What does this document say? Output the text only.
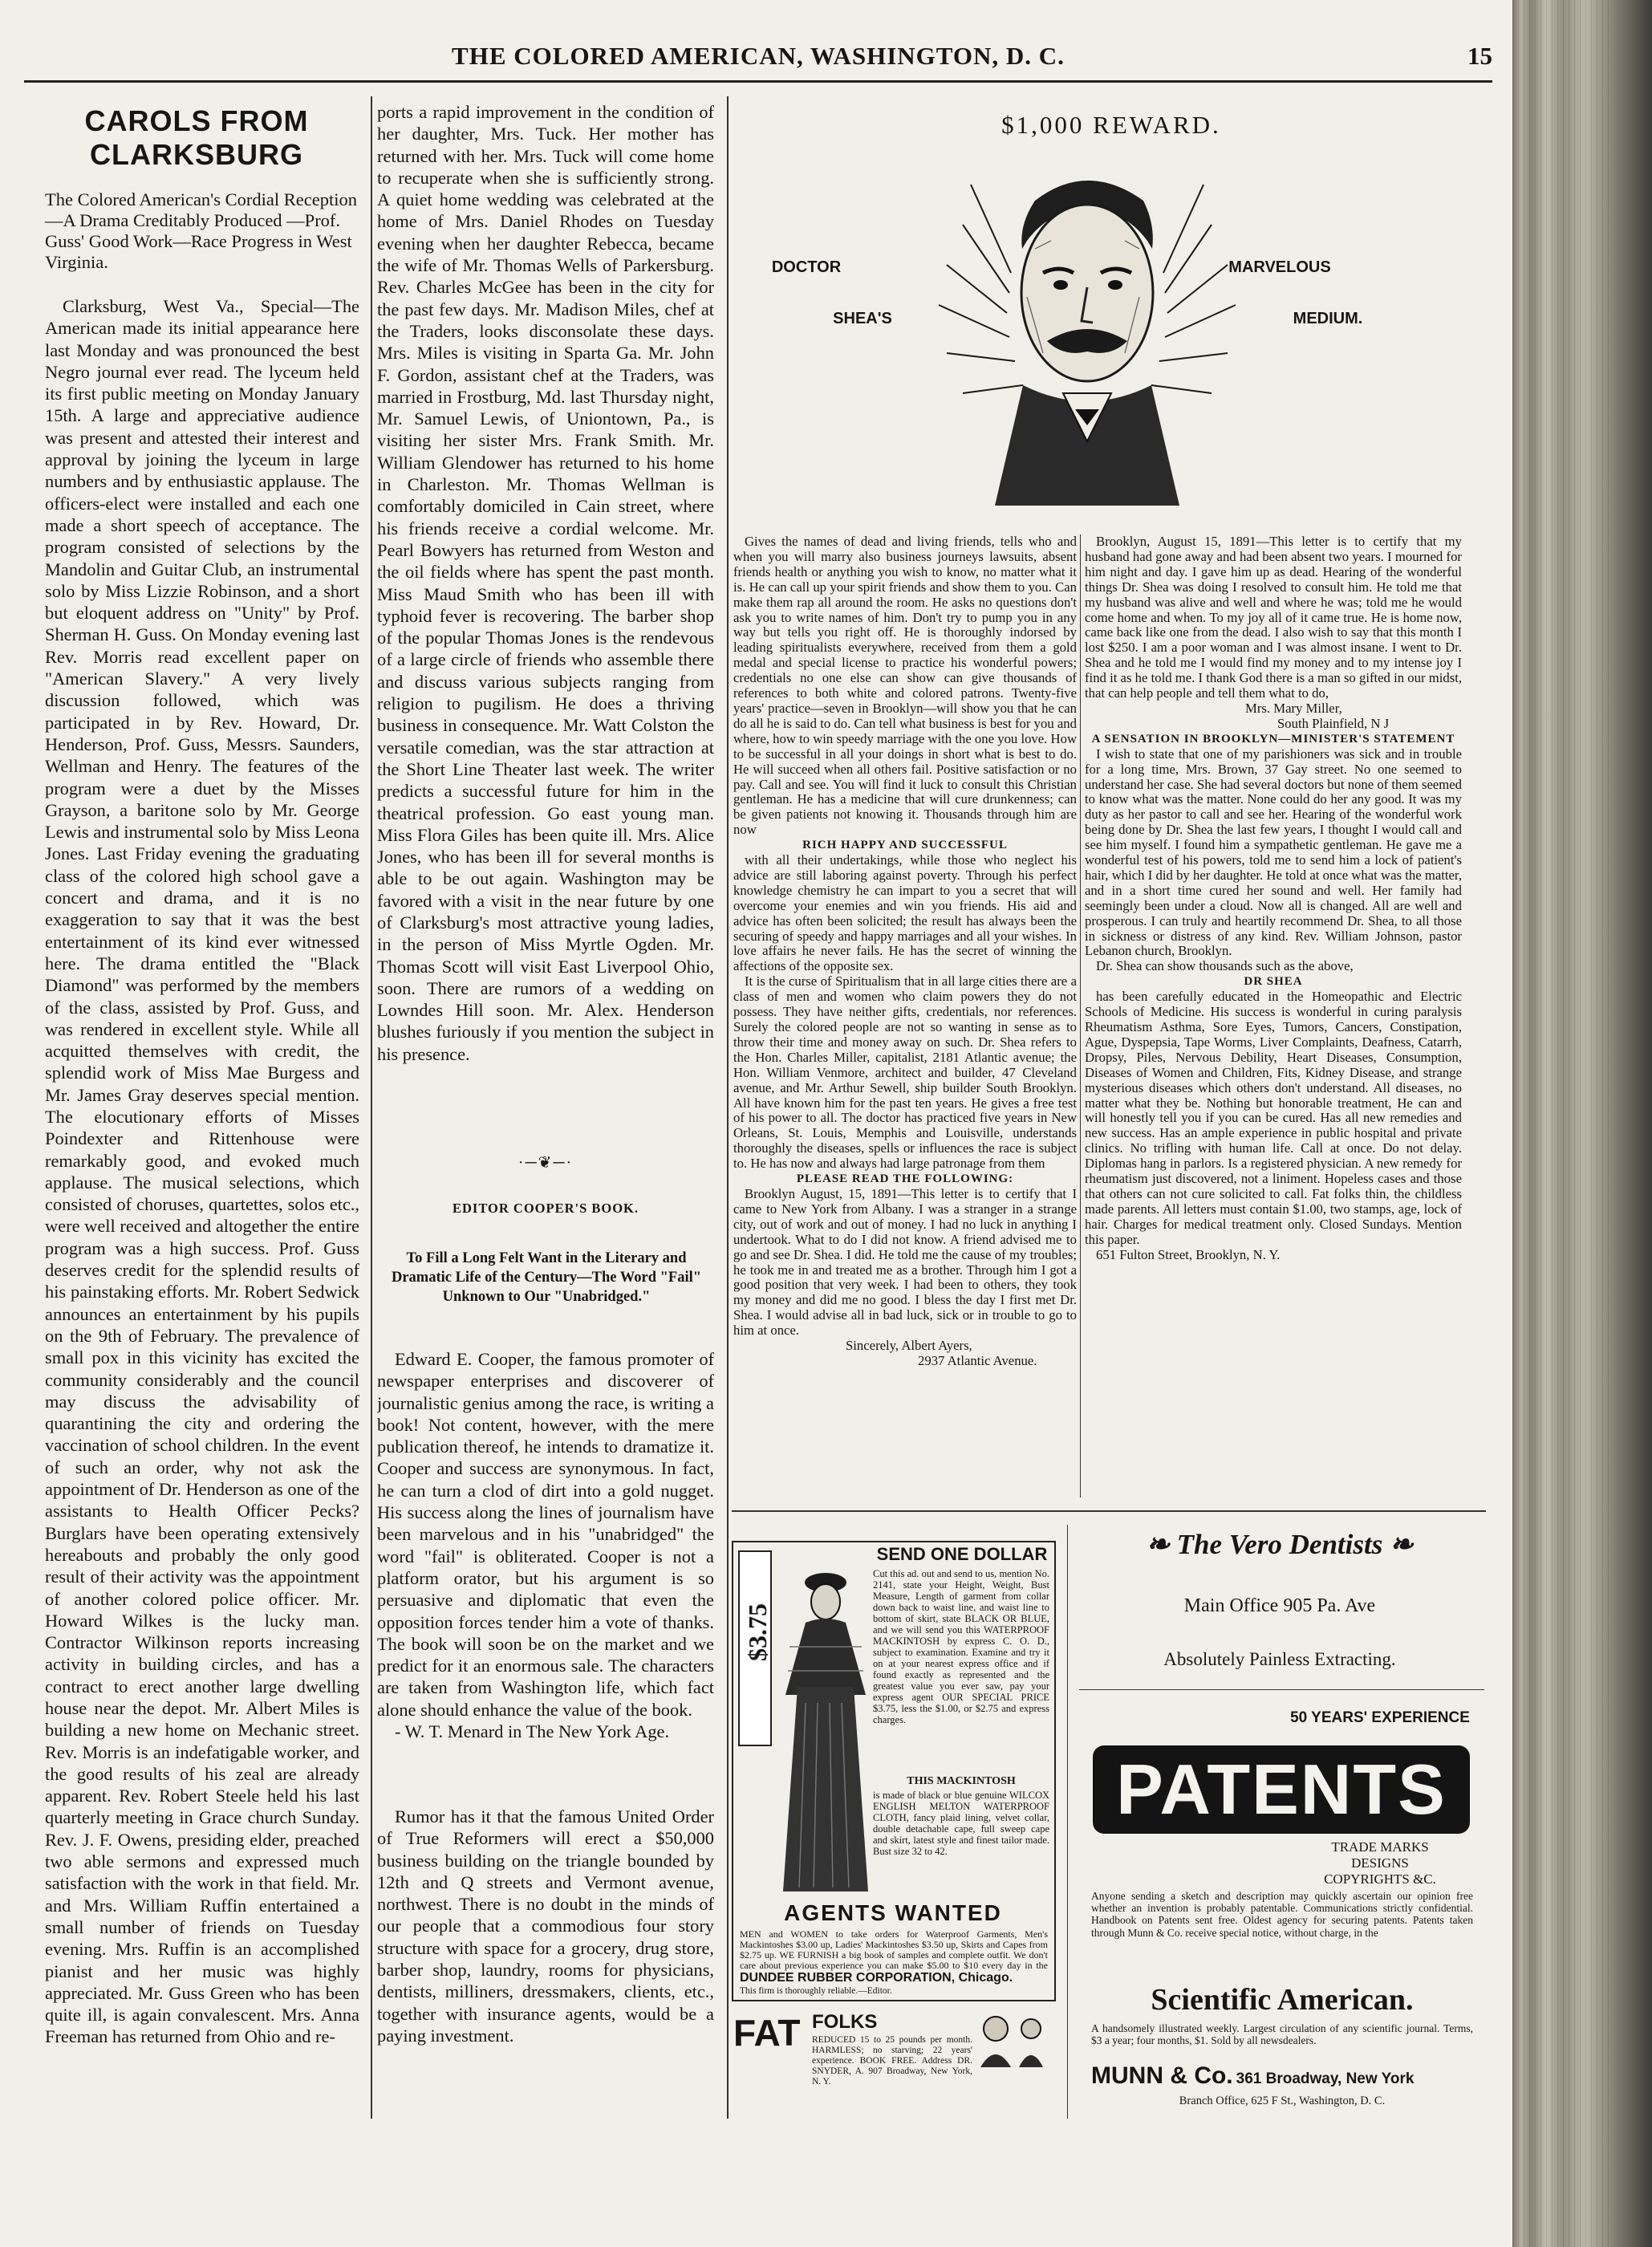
THE COLORED AMERICAN, WASHINGTON, D. C.	15
CAROLS FROM CLARKSBURG
The Colored American's Cordial Reception—A Drama Creditably Produced —Prof. Guss' Good Work—Race Progress in West Virginia.

Clarksburg, West Va., Special—The American made its initial appearance here last Monday and was pronounced the best Negro journal ever read. The lyceum held its first public meeting on Monday January 15th. A large and appreciative audience was present and attested their interest and approval by joining the lyceum in large numbers and by enthusiastic applause. The officers-elect were installed and each one made a short speech of acceptance. The program consisted of selections by the Mandolin and Guitar Club, an instrumental solo by Miss Lizzie Robinson, and a short but eloquent address on "Unity" by Prof. Sherman H. Guss. On Monday evening last Rev. Morris read excellent paper on "American Slavery." A very lively discussion followed, which was participated in by Rev. Howard, Dr. Henderson, Prof. Guss, Messrs. Saunders, Wellman and Henry. The features of the program were a duet by the Misses Grayson, a baritone solo by Mr. George Lewis and instrumental solo by Miss Leona Jones. Last Friday evening the graduating class of the colored high school gave a concert and drama, and it is no exaggeration to say that it was the best entertainment of its kind ever witnessed here. The drama entitled the "Black Diamond" was performed by the members of the class, assisted by Prof. Guss, and was rendered in excellent style. While all acquitted themselves with credit, the splendid work of Miss Mae Burgess and Mr. James Gray deserves special mention. The elocutionary efforts of Misses Poindexter and Rittenhouse were remarkably good, and evoked much applause. The musical selections, which consisted of choruses, quartettes, solos etc., were well received and altogether the entire program was a high success. Prof. Guss deserves credit for the splendid results of his painstaking efforts. Mr. Robert Sedwick announces an entertainment by his pupils on the 9th of February. The prevalence of small pox in this vicinity has excited the community considerably and the council may discuss the advisability of quarantining the city and ordering the vaccination of school children. In the event of such an order, why not ask the appointment of Dr. Henderson as one of the assistants to Health Officer Pecks? Burglars have been operating extensively hereabouts and probably the only good result of their activity was the appointment of another colored police officer. Mr. Howard Wilkes is the lucky man. Contractor Wilkinson reports increasing activity in building circles, and has a contract to erect another large dwelling house near the depot. Mr. Albert Miles is building a new home on Mechanic street. Rev. Morris is an indefatigable worker, and the good results of his zeal are already apparent. Rev. Robert Steele held his last quarterly meeting in Grace church Sunday. Rev. J. F. Owens, presiding elder, preached two able sermons and expressed much satisfaction with the work in that field. Mr. and Mrs. William Ruffin entertained a small number of friends on Tuesday evening. Mrs. Ruffin is an accomplished pianist and her music was highly appreciated. Mr. Guss Green who has been quite ill, is again convalescent. Mrs. Anna Freeman has returned from Ohio and re-

ports a rapid improvement in the condition of her daughter, Mrs. Tuck. Her mother has returned with her. Mrs. Tuck will come home to recuperate when she is sufficiently strong. A quiet home wedding was celebrated at the home of Mrs. Daniel Rhodes on Tuesday evening when her daughter Rebecca, became the wife of Mr. Thomas Wells of Parkersburg. Rev. Charles McGee has been in the city for the past few days. Mr. Madison Miles, chef at the Traders, looks disconsolate these days. Mrs. Miles is visiting in Sparta Ga. Mr. John F. Gordon, assistant chef at the Traders, was married in Frostburg, Md. last Thursday night, Mr. Samuel Lewis, of Uniontown, Pa., is visiting her sister Mrs. Frank Smith. Mr. William Glendower has returned to his home in Charleston. Mr. Thomas Wellman is comfortably domiciled in Cain street, where his friends receive a cordial welcome. Mr. Pearl Bowyers has returned from Weston and the oil fields where has spent the past month. Miss Maud Smith who has been ill with typhoid fever is recovering. The barber shop of the popular Thomas Jones is the rendevous of a large circle of friends who assemble there and discuss various subjects ranging from religion to pugilism. He does a thriving business in consequence. Mr. Watt Colston the versatile comedian, was the star attraction at the Short Line Theater last week. The writer predicts a successful future for him in the theatrical profession. Go east young man. Miss Flora Giles has been quite ill. Mrs. Alice Jones, who has been ill for several months is able to be out again. Washington may be favored with a visit in the near future by one of Clarksburg's most attractive young ladies, in the person of Miss Myrtle Ogden. Mr. Thomas Scott will visit East Liverpool Ohio, soon. There are rumors of a wedding on Lowndes Hill soon. Mr. Alex. Henderson blushes furiously if you mention the subject in his presence.

·─❦─·
EDITOR COOPER'S BOOK.
To Fill a Long Felt Want in the Literary and Dramatic Life of the Century—The Word "Fail" Unknown to Our "Unabridged."

Edward E. Cooper, the famous promoter of newspaper enterprises and discoverer of journalistic genius among the race, is writing a book! Not content, however, with the mere publication thereof, he intends to dramatize it. Cooper and success are synonymous. In fact, he can turn a clod of dirt into a gold nugget. His success along the lines of journalism have been marvelous and in his "unabridged" the word "fail" is obliterated. Cooper is not a platform orator, but his argument is so persuasive and diplomatic that even the opposition forces tender him a vote of thanks. The book will soon be on the market and we predict for it an enormous sale. The characters are taken from Washington life, which fact alone should enhance the value of the book.

- W. T. Menard in The New York Age.

Rumor has it that the famous United Order of True Reformers will erect a $50,000 business building on the triangle bounded by 12th and Q streets and Vermont avenue, northwest. There is no doubt in the minds of our people that a commodious four story structure with space for a grocery, drug store, barber shop, laundry, rooms for physicians, dentists, milliners, dressmakers, clients, etc., together with insurance agents, would be a paying investment.

$1,000 REWARD.
DOCTOR
SHEA'S
MARVELOUS
MEDIUM.

Gives the names of dead and living friends, tells who and when you will marry also business journeys lawsuits, absent friends health or anything you wish to know, no matter what it is. He can call up your spirit friends and show them to you. Can make them rap all around the room. He asks no questions don't ask you to write names of him. Don't try to pump you in any way but tells you right off. He is thoroughly indorsed by leading spiritualists everywhere, received from them a gold medal and special license to practice his wonderful powers; credentials no one else can show can give thousands of references to both white and colored patrons. Twenty-five years' practice—seven in Brooklyn—will show you that he can do all he is said to do. Can tell what business is best for you and where, how to win speedy marriage with the one you love. How to be successful in all your doings in short what is best to do. He will succeed when all others fail. Positive satisfaction or no pay. Call and see. You will find it luck to consult this Christian gentleman. He has a medicine that will cure drunkenness; can be given patients not knowing it. Thousands through him are now

RICH HAPPY AND SUCCESSFUL

with all their undertakings, while those who neglect his advice are still laboring against poverty. Through his perfect knowledge chemistry he can impart to you a secret that will overcome your enemies and win you friends. His aid and advice has often been solicited; the result has always been the securing of speedy and happy marriages and all your wishes. In love affairs he never fails. He has the secret of winning the affections of the opposite sex.

It is the curse of Spiritualism that in all large cities there are a class of men and women who claim powers they do not possess. They have neither gifts, credentials, nor references. Surely the colored people are not so wanting in sense as to throw their time and money away on such. Dr. Shea refers to the Hon. Charles Miller, capitalist, 2181 Atlantic avenue; the Hon. William Venmore, architect and builder, 47 Cleveland avenue, and Mr. Arthur Sewell, ship builder South Brooklyn. All have known him for the past ten years. He gives a free test of his power to all. The doctor has practiced five years in New Orleans, St. Louis, Memphis and Louisville, understands thoroughly the diseases, spells or influences the race is subject to. He has now and always had large patronage from them

PLEASE READ THE FOLLOWING:

Brooklyn August, 15, 1891—This letter is to certify that I came to New York from Albany. I was a stranger in a strange city, out of work and out of money. I had no luck in anything I undertook. What to do I did not know. A friend advised me to go and see Dr. Shea. I did. He told me the cause of my troubles; he took me in and treated me as a brother. Through him I got a good position that very week. I had been to others, they took my money and did me no good. I bless the day I first met Dr. Shea. I would advise all in bad luck, sick or in trouble to go to him at once.

Sincerely, Albert Ayers,

2937 Atlantic Avenue.

Brooklyn, August 15, 1891—This letter is to certify that my husband had gone away and had been absent two years. I mourned for him night and day. I gave him up as dead. Hearing of the wonderful things Dr. Shea was doing I resolved to consult him. He told me that my husband was alive and well and where he was; told me he would come home and when. To my joy all of it came true. He is home now, came back like one from the dead. I also wish to say that this month I lost $250. I am a poor woman and I was almost insane. I went to Dr. Shea and he told me I would find my money and to my intense joy I find it as he told me. I thank God there is a man so gifted in our midst, that can help people and tell them what to do,

Mrs. Mary Miller,

South Plainfield, N J

A SENSATION IN BROOKLYN—MINISTER'S STATEMENT

I wish to state that one of my parishioners was sick and in trouble for a long time, Mrs. Brown, 37 Gay street. No one seemed to understand her case. She had several doctors but none of them seemed to know what was the matter. None could do her any good. It was my duty as her pastor to call and see her. Hearing of the wonderful work being done by Dr. Shea the last few years, I thought I would call and see him myself. I found him a sympathetic gentleman. He gave me a wonderful test of his powers, told me to send him a lock of patient's hair, which I did by her daughter. He told at once what was the matter, and in a short time cured her sound and well. Her family had seemingly been under a cloud. Now all is changed. All are well and prosperous. I can truly and heartily recommend Dr. Shea, to all those in sickness or distress of any kind. Rev. William Johnson, pastor Lebanon church, Brooklyn.

Dr. Shea can show thousands such as the above,

DR SHEA

has been carefully educated in the Homeopathic and Electric Schools of Medicine. His success is wonderful in curing paralysis Rheumatism Asthma, Sore Eyes, Tumors, Cancers, Constipation, Ague, Dyspepsia, Tape Worms, Liver Complaints, Deafness, Catarrh, Dropsy, Piles, Nervous Debility, Heart Diseases, Consumption, Diseases of Women and Children, Fits, Kidney Disease, and strange mysterious diseases which others don't understand. All diseases, no matter what they be. Nothing but honorable treatment, He can and will honestly tell you if you can be cured. Has all new remedies and new success. Has an ample experience in public hospital and private clinics. No trifling with human life. Call at once. Do not delay. Diplomas hang in parlors. Is a registered physician. A new remedy for rheumatism just discovered, not a liniment. Hopeless cases and those that others can not cure solicited to call. Fat folks thin, the childless made parents. All letters must contain $1.00, two stamps, age, lock of hair. Charges for medical treatment only. Closed Sundays. Mention this paper.

651 Fulton Street, Brooklyn, N. Y.

$3.75
SEND ONE DOLLAR
Cut this ad. out and send to us, mention No. 2141, state your Height, Weight, Bust Measure, Length of garment from collar down back to waist line, and waist line to bottom of skirt, state BLACK OR BLUE, and we will send you this WATERPROOF MACKINTOSH by express C. O. D., subject to examination. Examine and try it on at your nearest express office and if found exactly as represented and the greatest value you ever saw, pay your express agent OUR SPECIAL PRICE $3.75, less the $1.00, or $2.75 and express charges.
THIS MACKINTOSH
is made of black or blue genuine WILCOX ENGLISH MELTON WATERPROOF CLOTH, fancy plaid lining, velvet collar, double detachable cape, full sweep cape and skirt, latest style and finest tailor made. Bust size 32 to 42.
AGENTS WANTED
MEN and WOMEN to take orders for Waterproof Garments, Men's Mackintoshes $3.00 up, Ladies' Mackintoshes $3.50 up, Skirts and Capes from $2.75 up. WE FURNISH a big book of samples and complete outfit. We don't care about previous experience you can make $5.00 to $10 every day in the
DUNDEE RUBBER CORPORATION, Chicago.
This firm is thoroughly reliable.—Editor.
FAT FOLKS
REDUCED 15 to 25 pounds per month. HARMLESS; no starving; 22 years' experience. BOOK FREE. Address DR. SNYDER, A. 907 Broadway, New York, N. Y.
❧ The Vero Dentists ❧
Main Office 905 Pa. Ave
Absolutely Painless Extracting.
50 YEARS' EXPERIENCE
PATENTS
TRADE MARKS
DESIGNS
COPYRIGHTS &C.
Anyone sending a sketch and description may quickly ascertain our opinion free whether an invention is probably patentable. Communications strictly confidential. Handbook on Patents sent free. Oldest agency for securing patents. Patents taken through Munn & Co. receive special notice, without charge, in the
Scientific American.
A handsomely illustrated weekly. Largest circulation of any scientific journal. Terms, $3 a year; four months, $1. Sold by all newsdealers.
MUNN & Co. 361 Broadway, New York
Branch Office, 625 F St., Washington, D. C.
